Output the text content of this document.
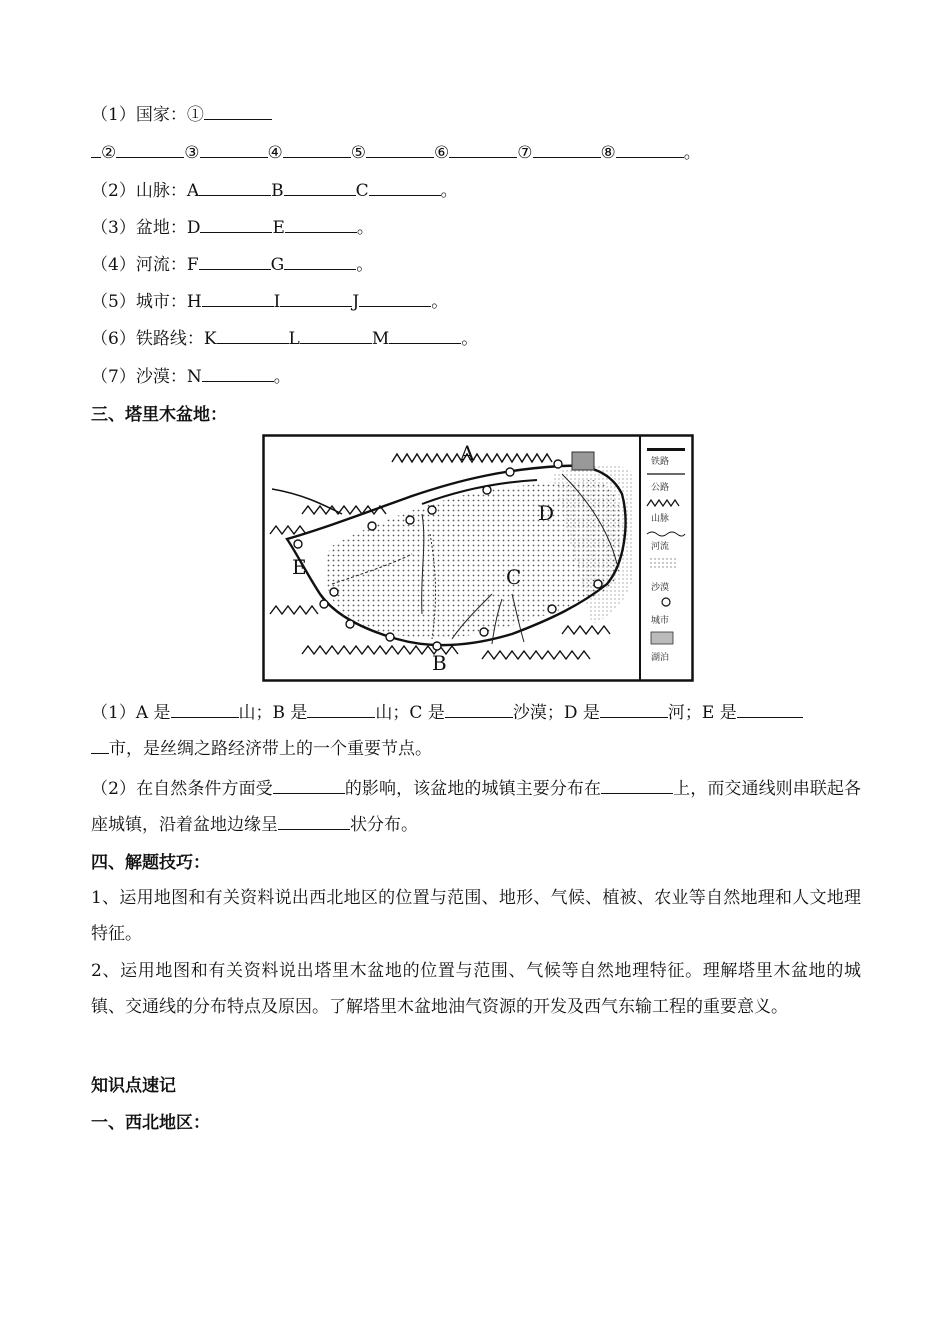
（1）国家：①
②	③	④	⑤	⑥	⑦	⑧	。
（2）山脉：A	B	C	。
（3）盆地：D	E	。
（4）河流：F	G	。
（5）城市：H	I	J	。
（6）铁路线：K	L	M	。
（7）沙漠：N	。
三、塔里木盆地：
铁路
公路
山脉
河流
沙漠
城市
湖泊
A
B
C
D
E
（1）A 是	山；B 是	山；C 是	沙漠；D 是	河；E 是
市，是丝绸之路经济带上的一个重要节点。
（2）在自然条件方面受	的影响，该盆地的城镇主要分布在	上，而交通线则串联起各座城镇，沿着盆地边缘呈	状分布。
四、解题技巧：
1、运用地图和有关资料说出西北地区的位置与范围、地形、气候、植被、农业等自然地理和人文地理特征。
2、运用地图和有关资料说出塔里木盆地的位置与范围、气候等自然地理特征。理解塔里木盆地的城镇、交通线的分布特点及原因。了解塔里木盆地油气资源的开发及西气东输工程的重要意义。
知识点速记
一、西北地区：
